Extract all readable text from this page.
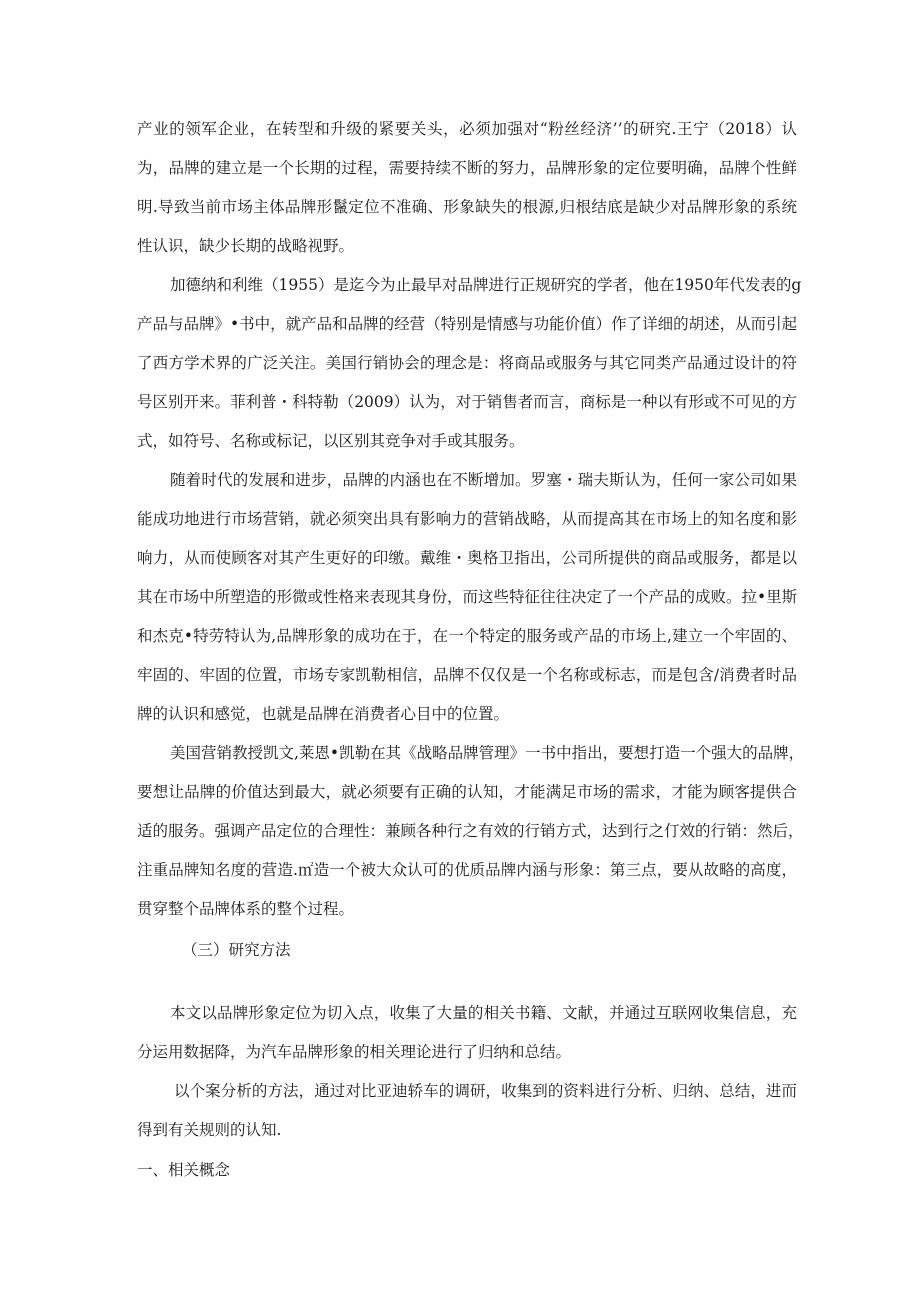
产业的领军企业，在转型和升级的紧要关头，必须加强对“粉丝经济’’的研究.王宁（2018）认
为，品牌的建立是一个长期的过程，需要持续不断的努力，品牌形象的定位要明确，品牌个性鲜
明.导致当前市场主体品牌形鬣定位不准确、形象缺失的根源,归根结底是缺少对品牌形象的系统
性认识，缺少长期的战略视野。
加德纳和利维（1955）是迄今为止最早对品牌进行正规研究的学者，他在1950年代发表的g
产品与品牌》•书中，就产品和品牌的经营（特别是情感与功能价值）作了详细的胡述，从而引起
了西方学术界的广泛关注。美国行销协会的理念是：将商品或服务与其它同类产品通过设计的符
号区别开来。菲利普・科特勒（2009）认为，对于销售者而言，商标是一种以有形或不可见的方
式，如符号、名称或标记，以区别其竞争对手或其服务。
随着时代的发展和进步，品牌的内涵也在不断增加。罗塞・瑞夫斯认为，任何一家公司如果
能成功地进行市场营销，就必须突出具有影响力的营销战略，从而提高其在市场上的知名度和影
响力，从而使顾客对其产生更好的印缴。戴维・奥格卫指出，公司所提供的商品或服务，都是以
其在市场中所塑造的形微或性格来表现其身份，而这些特征往往决定了一个产品的成败。拉•里斯
和杰克•特劳特认为,品牌形象的成功在于，在一个特定的服务或产品的市场上,建立一个牢固的、
牢固的、牢固的位置，市场专家凯勒相信，品牌不仅仅是一个名称或标志，而是包含/消费者时品
牌的认识和感觉，也就是品牌在消费者心目中的位置。
美国营销教授凯文,莱恩•凯勒在其《战略品牌管理》一书中指出，要想打造一个强大的品牌，
要想让品牌的价值达到最大，就必须要有正确的认知，才能满足市场的需求，才能为顾客提供合
适的服务。强调产品定位的合理性：兼顾各种行之有效的行销方式，达到行之仃效的行销：然后，
注重品牌知名度的营造.㎡造一个被大众认可的优质品牌内涵与形象：第三点，要从故略的高度，
贯穿整个品牌体系的整个过程。
（三）研究方法
本文以品牌形象定位为切入点，收集了大量的相关书籍、文献，并通过互联网收集信息，充
分运用数据降，为汽车品牌形象的相关理论进行了归纳和总结。
以个案分析的方法，通过对比亚迪轿车的调研，收集到的资料进行分析、归纳、总结，进而
得到有关规则的认知.
一、相关概念
